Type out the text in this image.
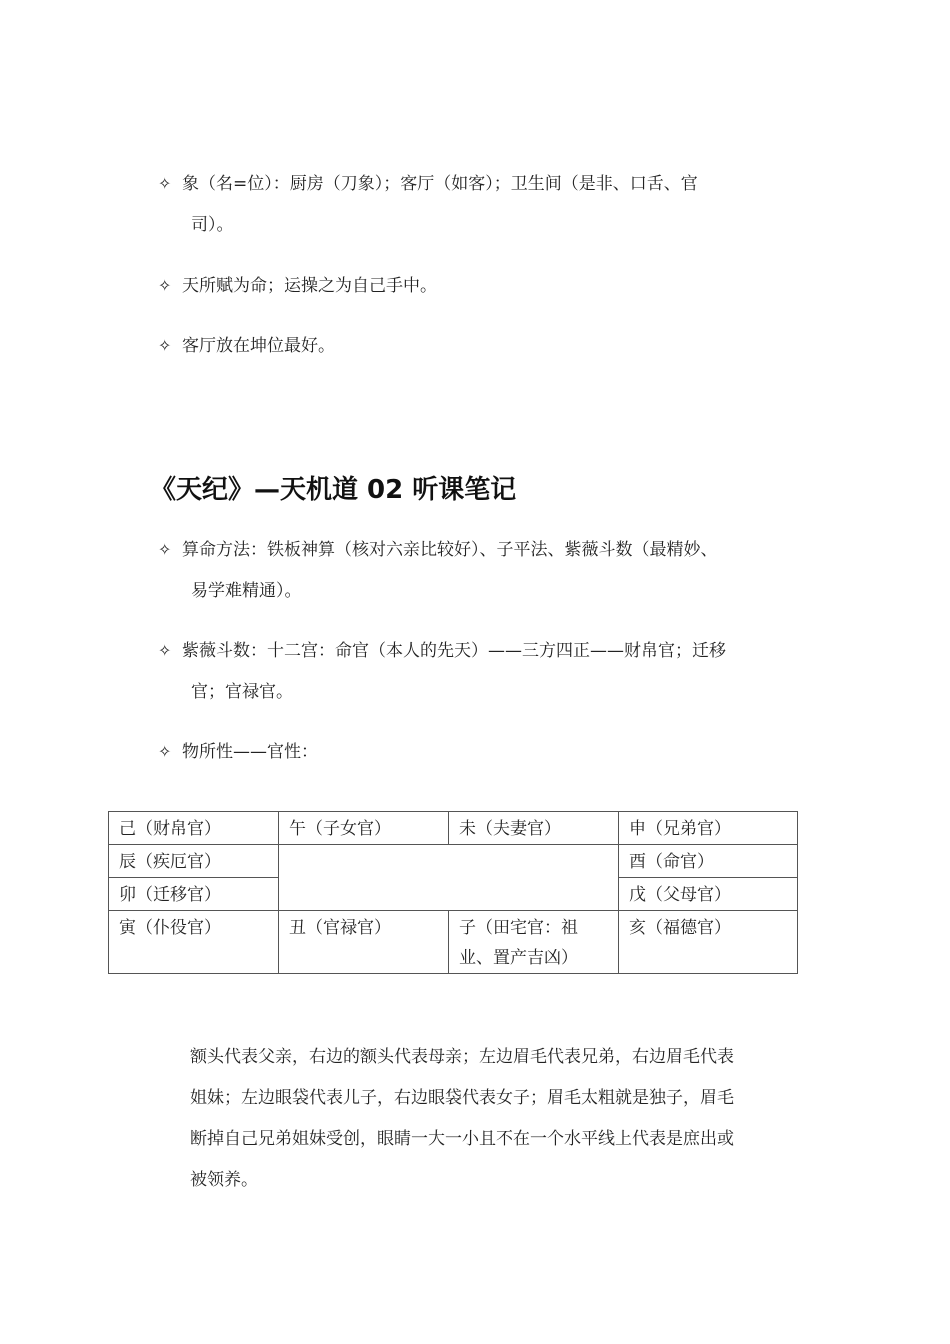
✧ 象（名=位）：厨房（刀象）；客厅（如客）；卫生间（是非、口舌、官
司）。
✧ 天所赋为命；运操之为自己手中。
✧ 客厅放在坤位最好。
《天纪》—天机道 02 听课笔记
✧ 算命方法：铁板神算（核对六亲比较好）、子平法、紫薇斗数（最精妙、
易学难精通）。
✧ 紫薇斗数：十二宫：命官（本人的先天）——三方四正——财帛官；迁移
官；官禄官。
✧ 物所性——官性：
己（财帛官）	午（子女官）	未（夫妻官）	申（兄弟官）
辰（疾厄官）			酉（命官）
卯（迁移官）			戊（父母官）
寅（仆役官）	丑（官禄官）	子（田宅官：祖业、置产吉凶）	亥（福德官）
额头代表父亲，右边的额头代表母亲；左边眉毛代表兄弟，右边眉毛代表
姐妹；左边眼袋代表儿子，右边眼袋代表女子；眉毛太粗就是独子，眉毛
断掉自己兄弟姐妹受创，眼睛一大一小且不在一个水平线上代表是庶出或
被领养。
